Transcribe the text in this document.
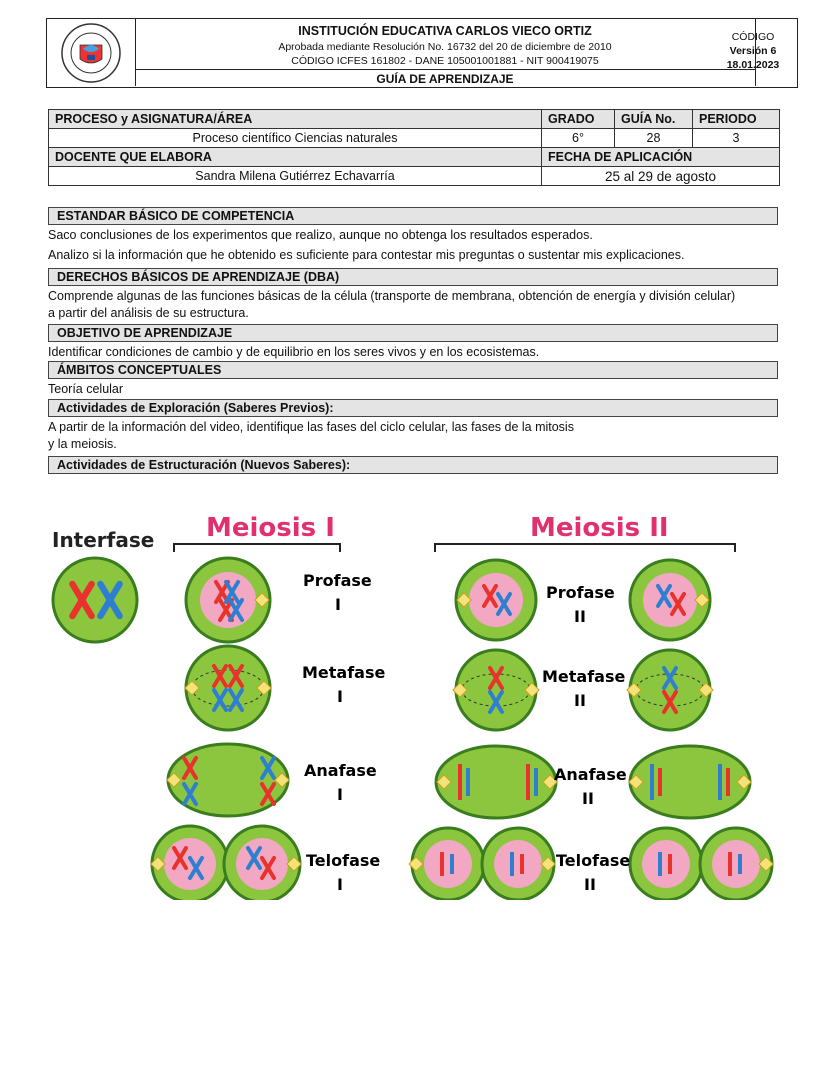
INSTITUCIÓN EDUCATIVA CARLOS VIECO ORTIZ
Aprobada mediante Resolución No. 16732 del 20 de diciembre de 2010
CÓDIGO ICFES 161802 - DANE 105001001881 - NIT 900419075
GUÍA DE APRENDIZAJE
CÓDIGO
Versión 6
18.01.2023
PROCESO y ASIGNATURA/ÁREA	GRADO	GUÍA No.	PERIODO
Proceso científico Ciencias naturales	6°	28	3
DOCENTE QUE ELABORA	FECHA DE APLICACIÓN		
Sandra Milena Gutiérrez Echavarría	25 al 29 de agosto		
ESTANDAR BÁSICO DE COMPETENCIA
Saco conclusiones de los experimentos que realizo, aunque no obtenga los resultados esperados.
Analizo si la información que he obtenido es suficiente para contestar mis preguntas o sustentar mis explicaciones.
DERECHOS BÁSICOS DE APRENDIZAJE (DBA)
Comprende algunas de las funciones básicas de la célula (transporte de membrana, obtención de energía y división celular)
a partir del análisis de su estructura.
OBJETIVO DE APRENDIZAJE
Identificar condiciones de cambio y de equilibrio en los seres vivos y en los ecosistemas.
ÁMBITOS CONCEPTUALES
Teoría celular
Actividades de Exploración (Saberes Previos):
A partir de la información del video, identifique las fases del ciclo celular, las fases de la mitosis
y la meiosis.
Actividades de Estructuración (Nuevos Saberes):
Interfase Meiosis I	Meiosis II
Profase
I
Metafase
I
Anafase
I
Telofase
I
Profase
II
Metafase
II
Anafase
II
Telofase
II
